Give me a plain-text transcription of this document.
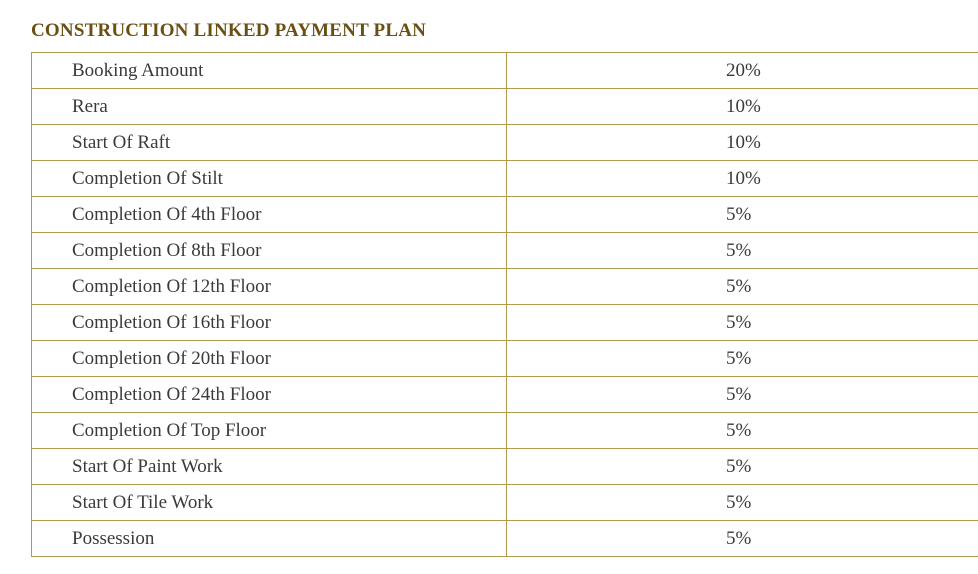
CONSTRUCTION LINKED PAYMENT PLAN
Booking Amount	20%
Rera	10%
Start Of Raft	10%
Completion Of Stilt	10%
Completion Of 4th Floor	5%
Completion Of 8th Floor	5%
Completion Of 12th Floor	5%
Completion Of 16th Floor	5%
Completion Of 20th Floor	5%
Completion Of 24th Floor	5%
Completion Of Top Floor	5%
Start Of Paint Work	5%
Start Of Tile Work	5%
Possession	5%
